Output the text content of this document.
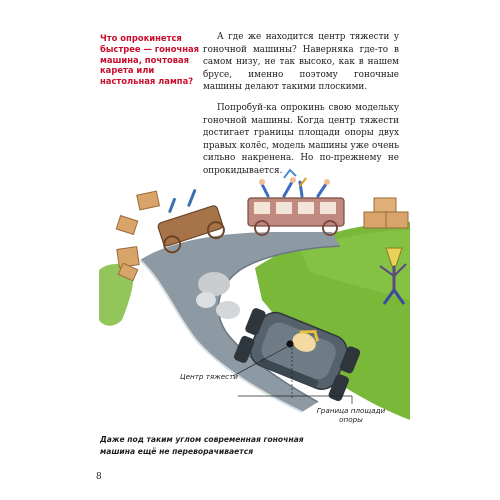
Что опрокинется быстрее — гоночная машина, почтовая карета или настольная лампа?

А где же находится центр тяжести у гоночной машины? Наверняка где-то в самом низу, не так высоко, как в нашем брусе, именно поэтому гоночные машины делают такими плоскими.

Попробуй-ка опрокинь свою модельку гоночной машины. Когда центр тяжести достигает границы площади опоры двух правых колёс, модель машины уже очень сильно накренена. Но по-прежнему не опрокидывается.

Центр тяжести

Граница площади опоры

Даже под таким углом современная гоночная машина ещё не переворачивается

8
